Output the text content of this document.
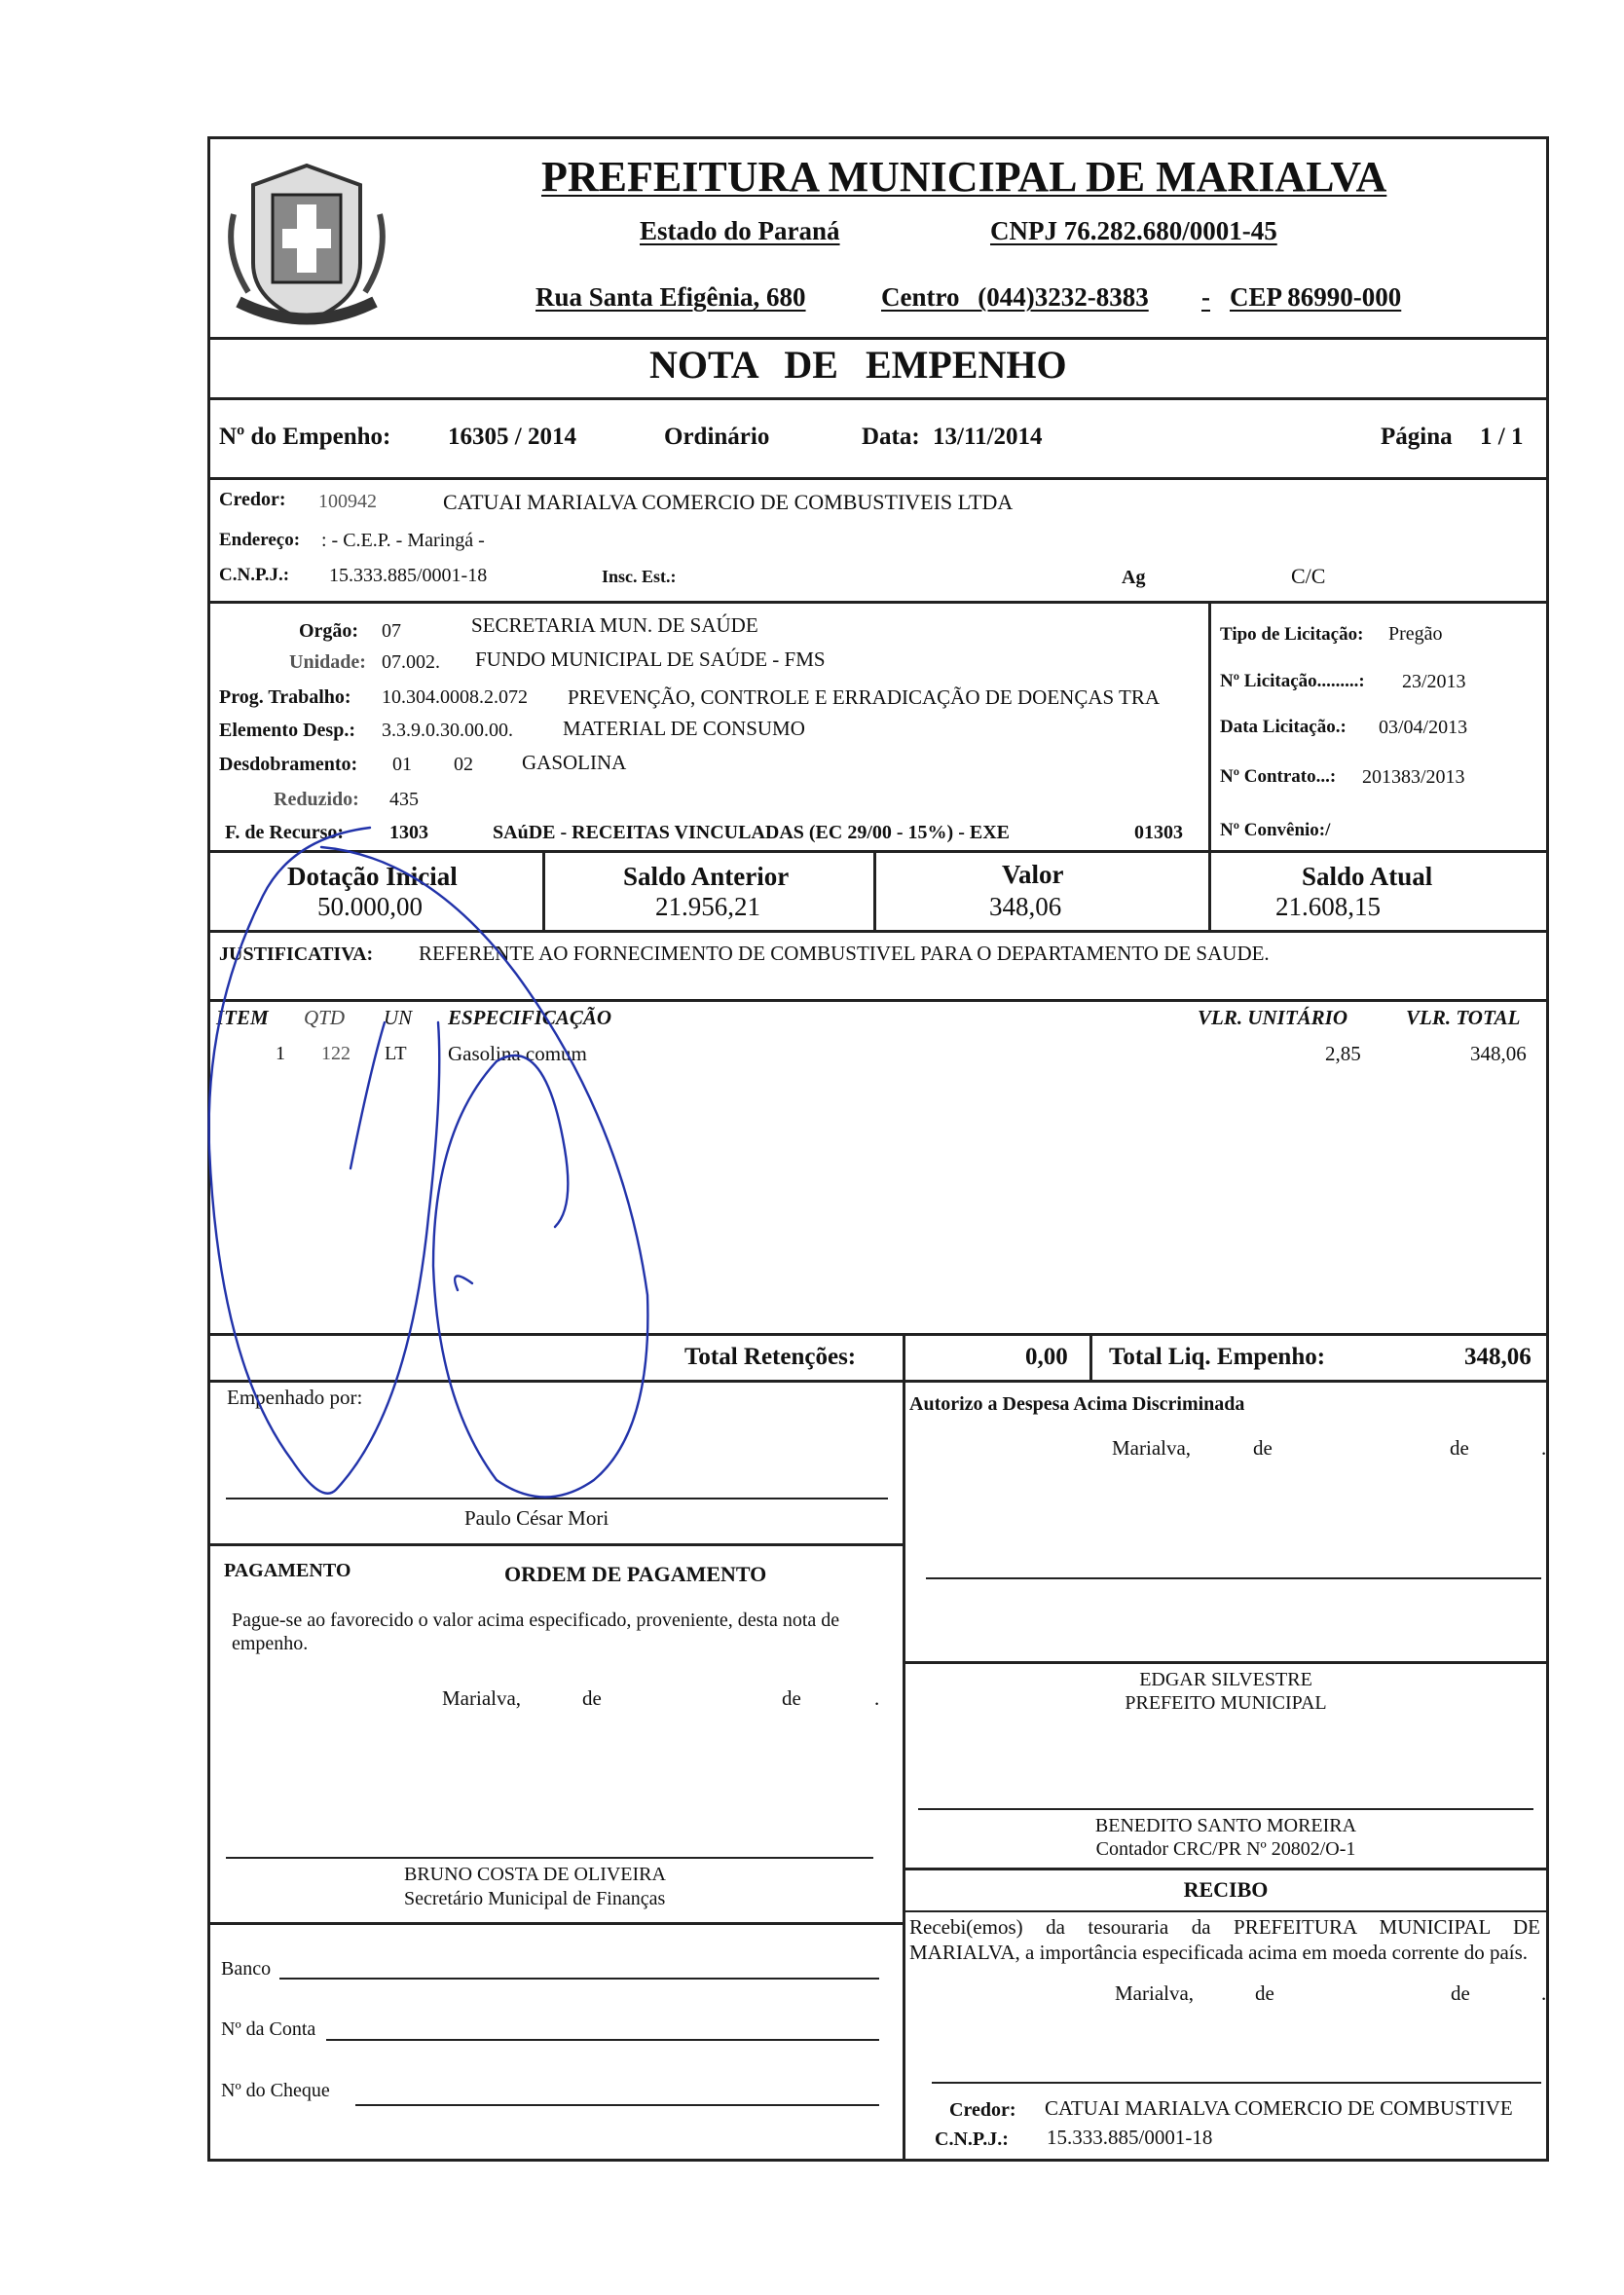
PREFEITURA MUNICIPAL DE MARIALVA
Estado do Paraná	CNPJ 76.282.680/0001-45
Rua Santa Efigênia, 680	Centro (044)3232-8383 - CEP 86990-000
NOTA DE EMPENHO
Nº do Empenho: 16305 / 2014	Ordinário	Data: 13/11/2014	Página 1 / 1
Credor: 100942	CATUAI MARIALVA COMERCIO DE COMBUSTIVEIS LTDA
Endereço: : - C.E.P. - Maringá -
C.N.P.J.: 15.333.885/0001-18	Insc. Est.:	Ag	C/C
Orgão: 07	SECRETARIA MUN. DE SAÚDE
Unidade: 07.002. FUNDO MUNICIPAL DE SAÚDE - FMS
Prog. Trabalho: 10.304.0008.2.072 PREVENÇÃO, CONTROLE E ERRADICAÇÃO DE DOENÇAS TRA
Elemento Desp.: 3.3.9.0.30.00.00. MATERIAL DE CONSUMO
Desdobramento: 01 02 GASOLINA
Reduzido: 435
F. de Recurso: 1303	SAúDE - RECEITAS VINCULADAS (EC 29/00 - 15%) - EXE	01303
Tipo de Licitação: Pregão
Nº Licitação.........: 23/2013
Data Licitação.: 03/04/2013
Nº Contrato...: 201383/2013
Nº Convênio:/
Dotação Inicial
50.000,00
Saldo Anterior
21.956,21
Valor
348,06
Saldo Atual
21.608,15
JUSTIFICATIVA: REFERENTE AO FORNECIMENTO DE COMBUSTIVEL PARA O DEPARTAMENTO DE SAUDE.
ITEM QTD UN ESPECIFICAÇÃO	VLR. UNITÁRIO	VLR. TOTAL
1 122 LT Gasolina comum	2,85	348,06
Total Retenções:	0,00 Total Liq. Empenho:	348,06
Empenhado por:
Paulo César Mori
PAGAMENTO	ORDEM DE PAGAMENTO
Pague-se ao favorecido o valor acima especificado, proveniente, desta nota de empenho.
Marialva,	de	de	.
BRUNO COSTA DE OLIVEIRA
Secretário Municipal de Finanças
Banco
Nº da Conta
Nº do Cheque
Autorizo a Despesa Acima Discriminada
Marialva,	de	de	.
EDGAR SILVESTRE
PREFEITO MUNICIPAL
BENEDITO SANTO MOREIRA
Contador CRC/PR Nº 20802/O-1
RECIBO
Recebi(emos) da tesouraria da PREFEITURA MUNICIPAL DE MARIALVA, a importância especificada acima em moeda corrente do país.
Marialva,	de	de	.
Credor: CATUAI MARIALVA COMERCIO DE COMBUSTIVE
C.N.P.J.: 15.333.885/0001-18
